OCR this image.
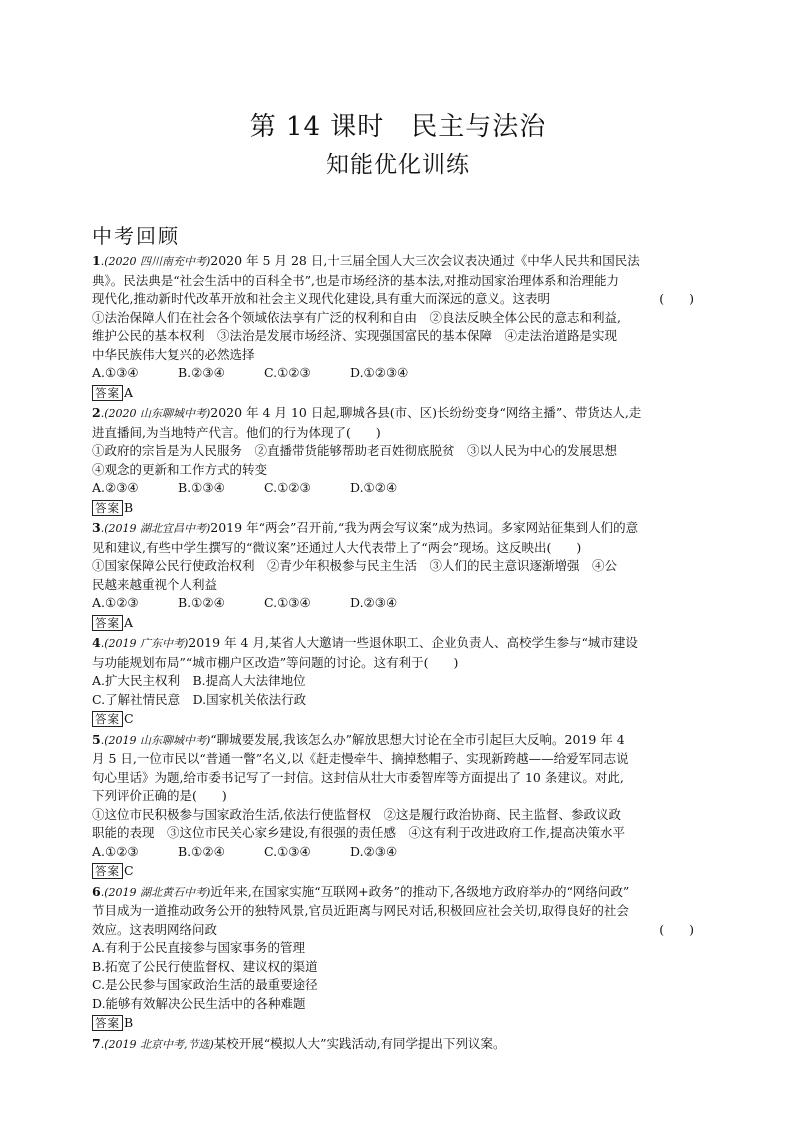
第 14 课时　民主与法治
知能优化训练
中考回顾
1.(2020 四川南充中考)2020 年 5 月 28 日,十三届全国人大三次会议表决通过《中华人民共和国民法
典》。民法典是“社会生活中的百科全书”,也是市场经济的基本法,对推动国家治理体系和治理能力
现代化,推动新时代改革开放和社会主义现代化建设,具有重大而深远的意义。这表明	(　　)
①法治保障人们在社会各个领域依法享有广泛的权利和自由　②良法反映全体公民的意志和利益,
维护公民的基本权利　③法治是发展市场经济、实现强国富民的基本保障　④走法治道路是实现
中华民族伟大复兴的必然选择
A.①③④	B.②③④	C.①②③	D.①②③④
答案 A
2.(2020 山东聊城中考)2020 年 4 月 10 日起,聊城各县(市、区)长纷纷变身“网络主播”、带货达人,走
进直播间,为当地特产代言。他们的行为体现了(　　)
①政府的宗旨是为人民服务　②直播带货能够帮助老百姓彻底脱贫　③以人民为中心的发展思想
④观念的更新和工作方式的转变
A.②③④	B.①③④	C.①②③	D.①②④
答案 B
3.(2019 湖北宜昌中考)2019 年“两会”召开前,“我为两会写议案”成为热词。多家网站征集到人们的意
见和建议,有些中学生撰写的“微议案”还通过人大代表带上了“两会”现场。这反映出(　　)
①国家保障公民行使政治权利　②青少年积极参与民主生活　③人们的民主意识逐渐增强　④公
民越来越重视个人利益
A.①②③	B.①②④	C.①③④	D.②③④
答案 A
4.(2019 广东中考)2019 年 4 月,某省人大邀请一些退休职工、企业负责人、高校学生参与“城市建设
与功能规划布局”“城市棚户区改造”等问题的讨论。这有利于(　　)
A.扩大民主权利　B.提高人大法律地位
C.了解社情民意　D.国家机关依法行政
答案 C
5.(2019 山东聊城中考)“聊城要发展,我该怎么办”解放思想大讨论在全市引起巨大反响。2019 年 4
月 5 日,一位市民以“普通一瞥”名义,以《赶走慢牵牛、摘掉愁帽子、实现新跨越——给爱军同志说
句心里话》为题,给市委书记写了一封信。这封信从壮大市委智库等方面提出了 10 条建议。对此,
下列评价正确的是(　　)
①这位市民积极参与国家政治生活,依法行使监督权　②这是履行政治协商、民主监督、参政议政
职能的表现　③这位市民关心家乡建设,有很强的责任感　④这有利于改进政府工作,提高决策水平
A.①②③	B.①②④	C.①③④	D.②③④
答案 C
6.(2019 湖北黄石中考)近年来,在国家实施“互联网+政务”的推动下,各级地方政府举办的“网络问政”
节目成为一道推动政务公开的独特风景,官员近距离与网民对话,积极回应社会关切,取得良好的社会
效应。这表明网络问政	(　　)
A.有利于公民直接参与国家事务的管理
B.拓宽了公民行使监督权、建议权的渠道
C.是公民参与国家政治生活的最重要途径
D.能够有效解决公民生活中的各种难题
答案 B
7.(2019 北京中考,节选)某校开展“模拟人大”实践活动,有同学提出下列议案。
